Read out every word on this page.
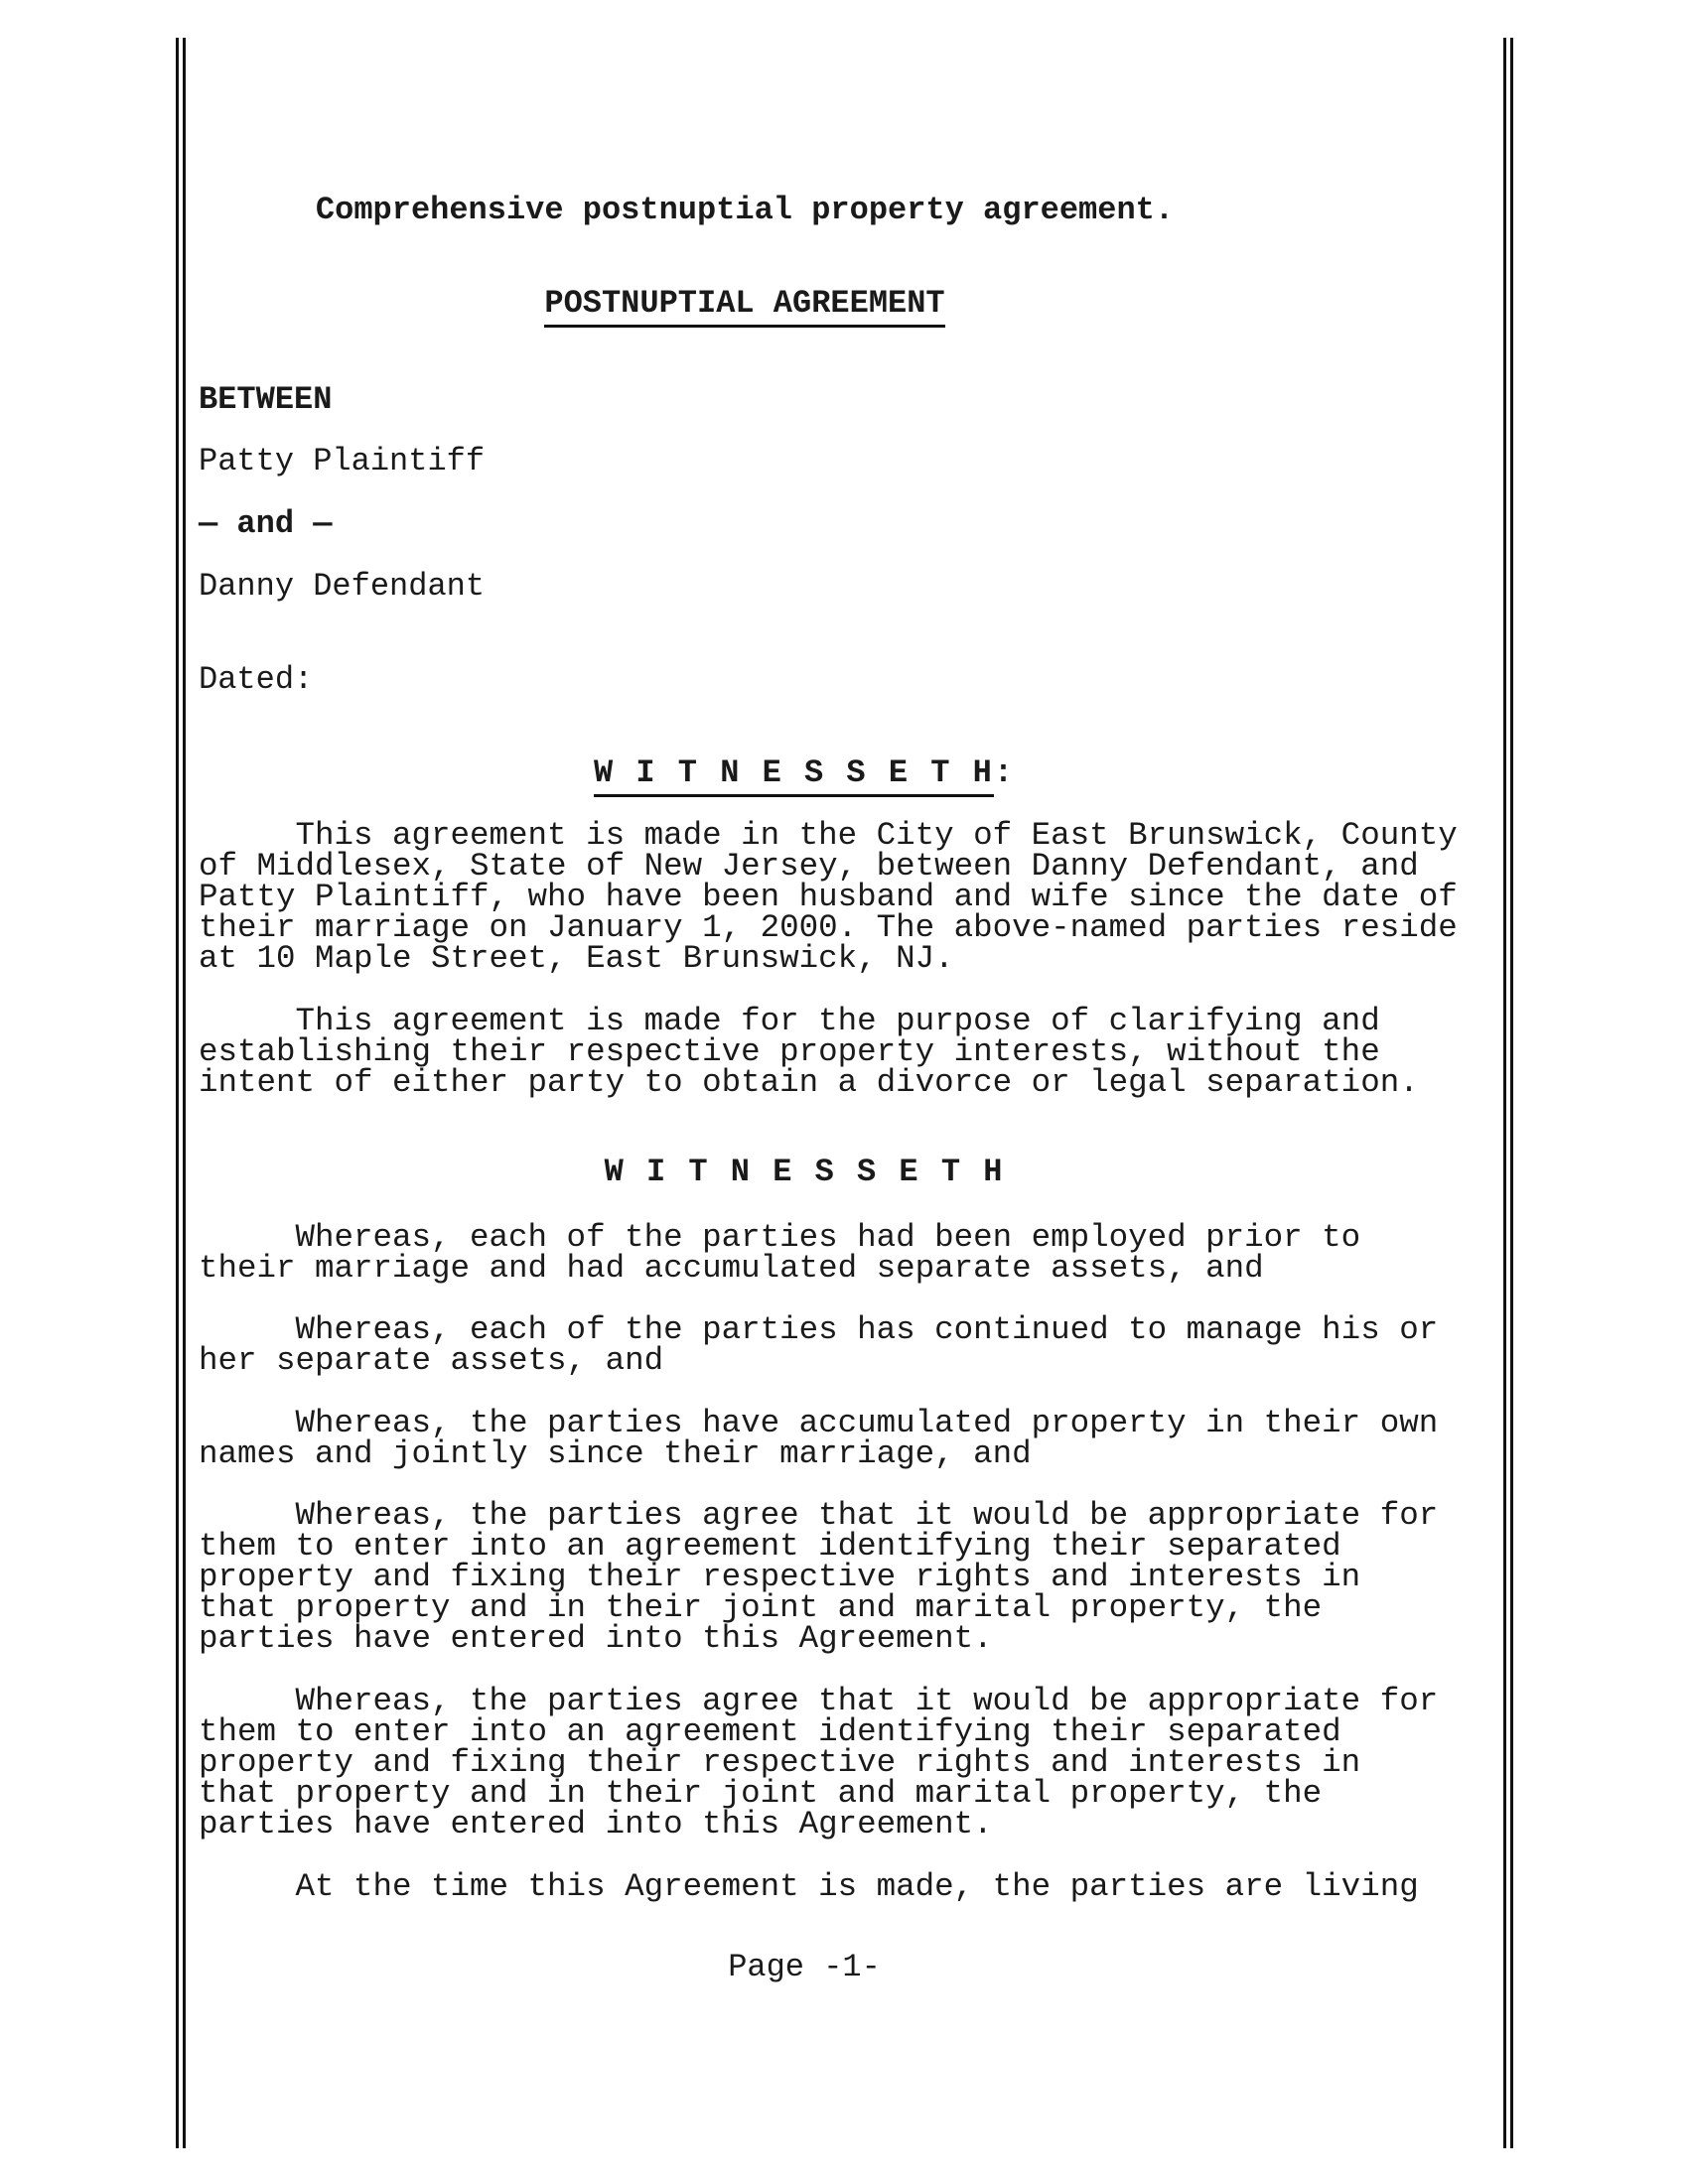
Comprehensive postnuptial property agreement.

POSTNUPTIAL AGREEMENT

BETWEEN

Patty Plaintiff

— and —

Danny Defendant

Dated:

W I T N E S S E T H:

This agreement is made in the City of East Brunswick, County
of Middlesex, State of New Jersey, between Danny Defendant, and
Patty Plaintiff, who have been husband and wife since the date of
their marriage on January 1, 2000. The above-named parties reside
at 10 Maple Street, East Brunswick, NJ.

This agreement is made for the purpose of clarifying and
establishing their respective property interests, without the
intent of either party to obtain a divorce or legal separation.

W I T N E S S E T H

Whereas, each of the parties had been employed prior to
their marriage and had accumulated separate assets, and

Whereas, each of the parties has continued to manage his or
her separate assets, and

Whereas, the parties have accumulated property in their own
names and jointly since their marriage, and

Whereas, the parties agree that it would be appropriate for
them to enter into an agreement identifying their separated
property and fixing their respective rights and interests in
that property and in their joint and marital property, the
parties have entered into this Agreement.

Whereas, the parties agree that it would be appropriate for
them to enter into an agreement identifying their separated
property and fixing their respective rights and interests in
that property and in their joint and marital property, the
parties have entered into this Agreement.

At the time this Agreement is made, the parties are living

Page -1-
